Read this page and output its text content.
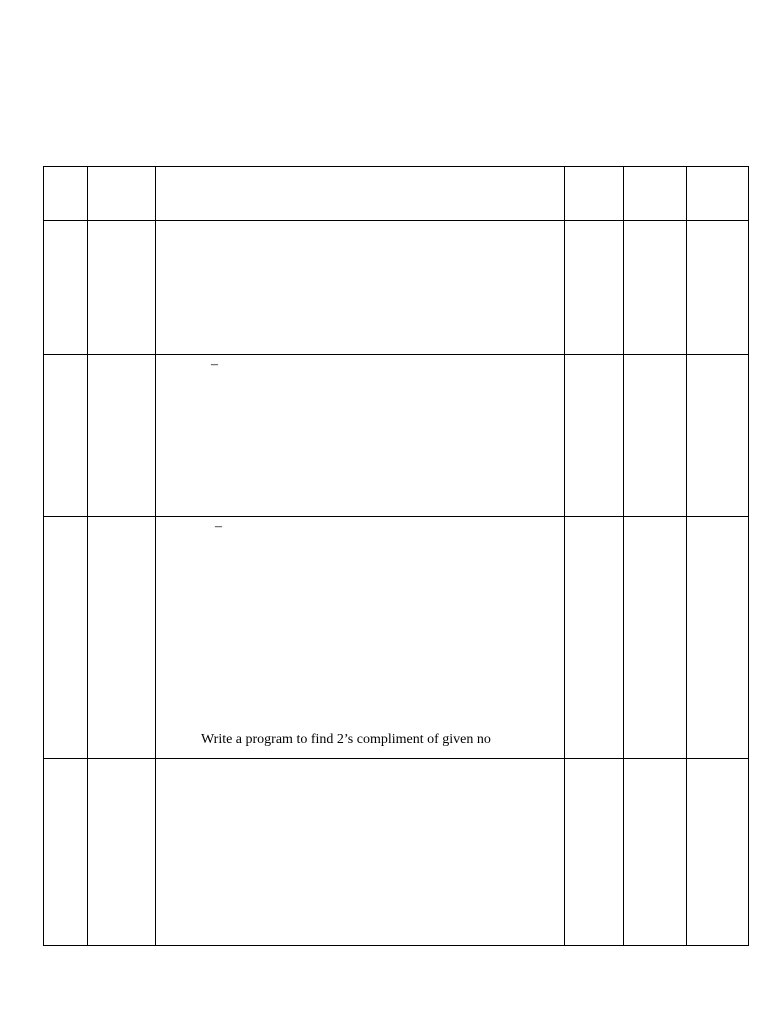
–
–
Write a program to find 2’s compliment of given no
